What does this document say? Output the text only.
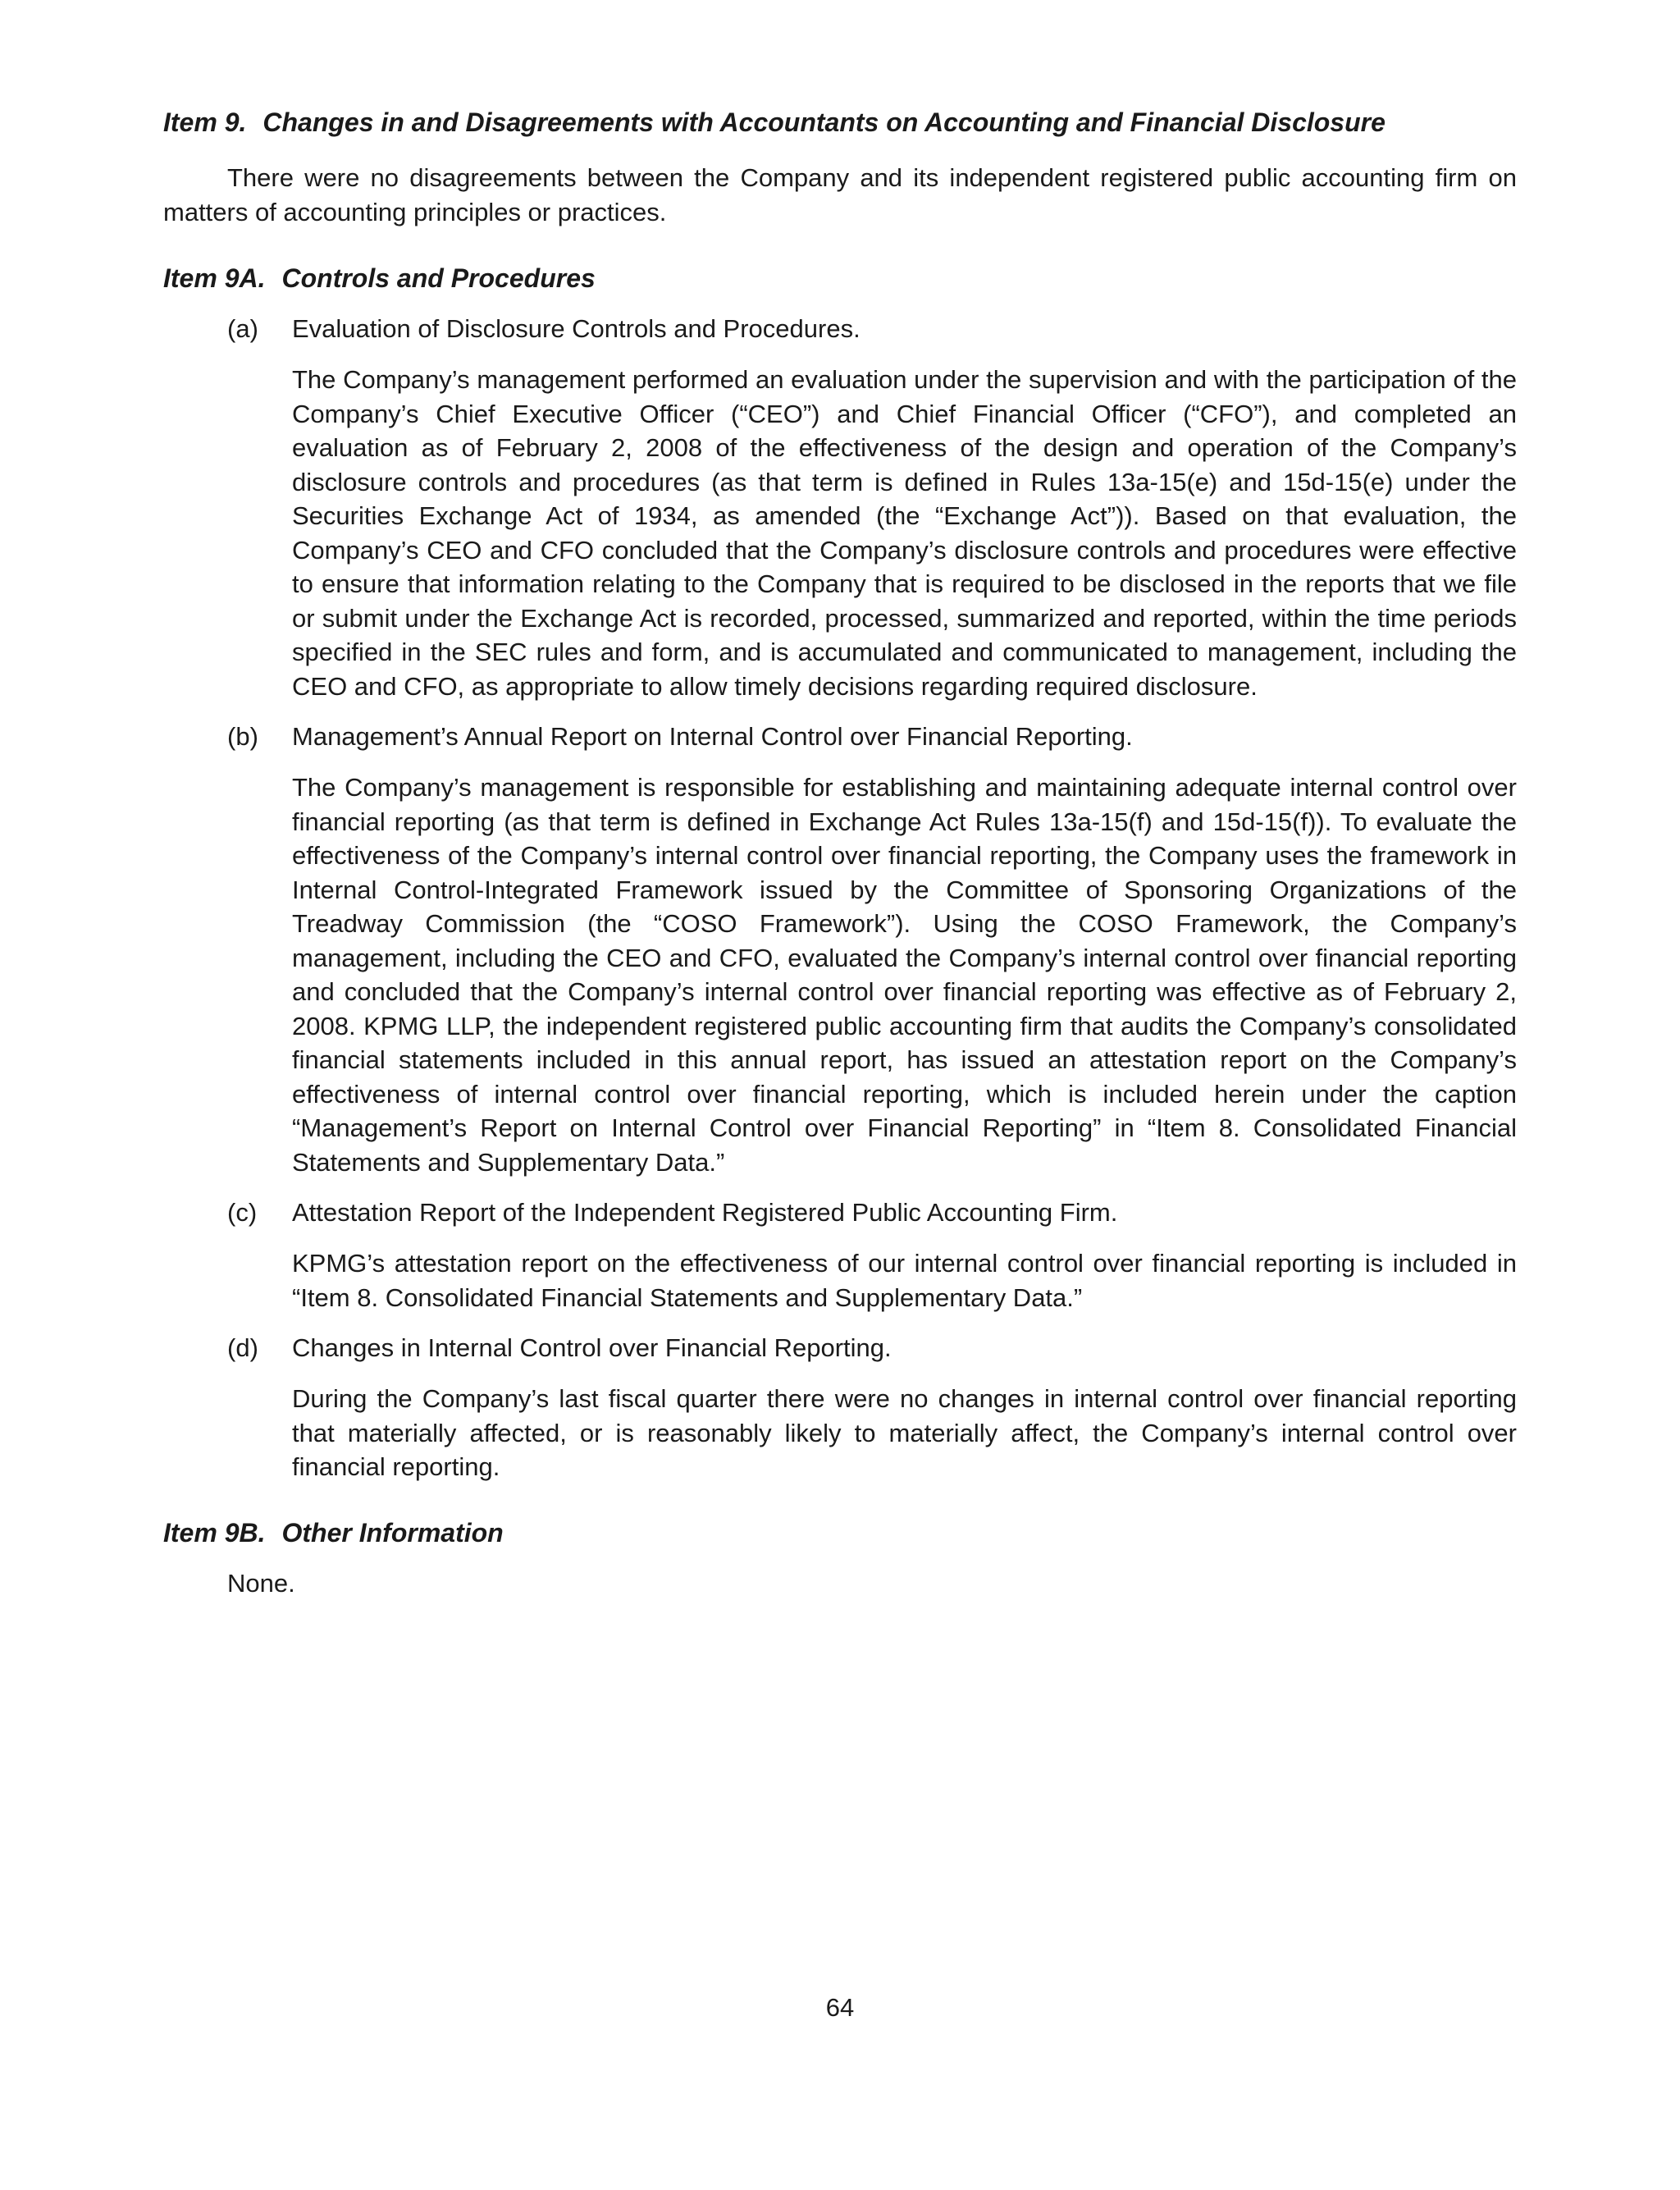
Item 9. Changes in and Disagreements with Accountants on Accounting and Financial Disclosure

There were no disagreements between the Company and its independent registered public accounting firm on matters of accounting principles or practices.

Item 9A. Controls and Procedures
(a) Evaluation of Disclosure Controls and Procedures.

The Company’s management performed an evaluation under the supervision and with the participation of the Company’s Chief Executive Officer (“CEO”) and Chief Financial Officer (“CFO”), and completed an evaluation as of February 2, 2008 of the effectiveness of the design and operation of the Company’s disclosure controls and procedures (as that term is defined in Rules 13a-15(e) and 15d-15(e) under the Securities Exchange Act of 1934, as amended (the “Exchange Act”)). Based on that evaluation, the Company’s CEO and CFO concluded that the Company’s disclosure controls and procedures were effective to ensure that information relating to the Company that is required to be disclosed in the reports that we file or submit under the Exchange Act is recorded, processed, summarized and reported, within the time periods specified in the SEC rules and form, and is accumulated and communicated to management, including the CEO and CFO, as appropriate to allow timely decisions regarding required disclosure.

(b) Management’s Annual Report on Internal Control over Financial Reporting.

The Company’s management is responsible for establishing and maintaining adequate internal control over financial reporting (as that term is defined in Exchange Act Rules 13a-15(f) and 15d-15(f)). To evaluate the effectiveness of the Company’s internal control over financial reporting, the Company uses the framework in Internal Control-Integrated Framework issued by the Committee of Sponsoring Organizations of the Treadway Commission (the “COSO Framework”). Using the COSO Framework, the Company’s management, including the CEO and CFO, evaluated the Company’s internal control over financial reporting and concluded that the Company’s internal control over financial reporting was effective as of February 2, 2008. KPMG LLP, the independent registered public accounting firm that audits the Company’s consolidated financial statements included in this annual report, has issued an attestation report on the Company’s effectiveness of internal control over financial reporting, which is included herein under the caption “Management’s Report on Internal Control over Financial Reporting” in “Item 8. Consolidated Financial Statements and Supplementary Data.”

(c) Attestation Report of the Independent Registered Public Accounting Firm.

KPMG’s attestation report on the effectiveness of our internal control over financial reporting is included in “Item 8. Consolidated Financial Statements and Supplementary Data.”

(d) Changes in Internal Control over Financial Reporting.

During the Company’s last fiscal quarter there were no changes in internal control over financial reporting that materially affected, or is reasonably likely to materially affect, the Company’s internal control over financial reporting.

Item 9B. Other Information

None.

64
